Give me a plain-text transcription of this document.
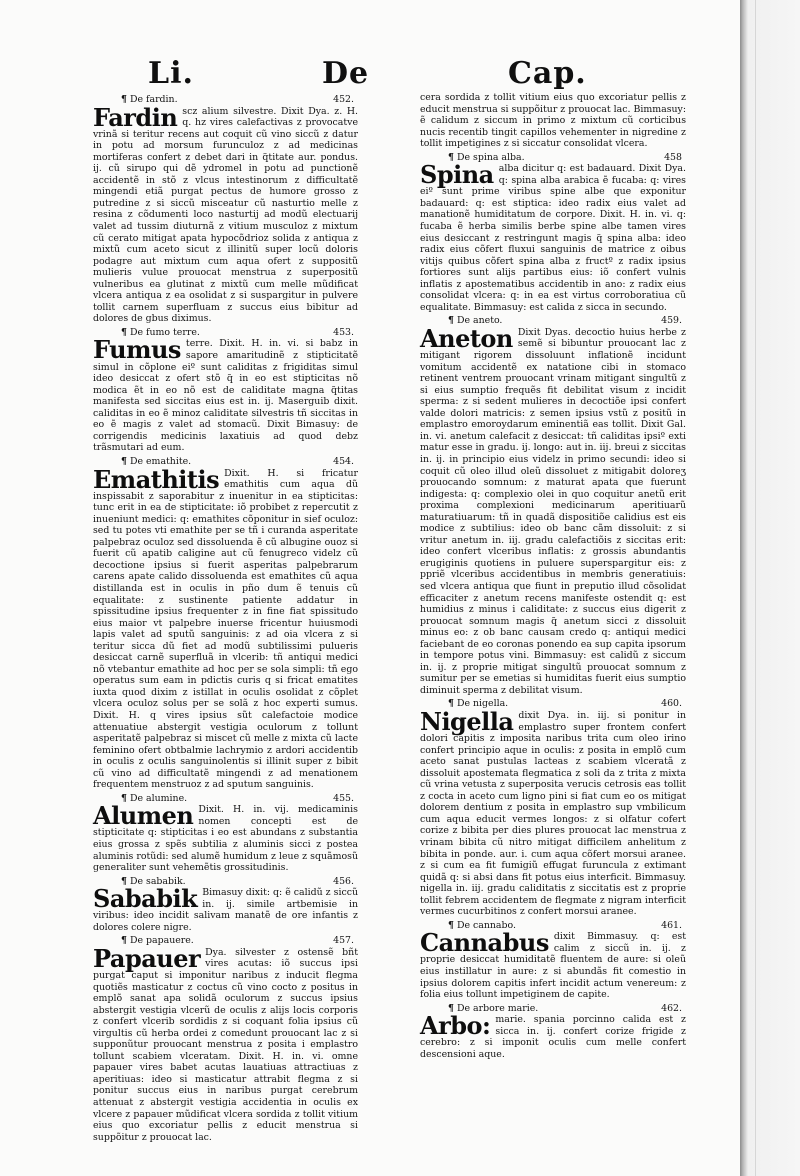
Li.	De	Cap.
¶ De fardin.	452.
Fardin scz alium silvestre. Dixit Dya. z. H. q. hz vires calefactivas z provocatve vrinã si teritur recens aut coquit cũ vino siccũ z datur in potu ad morsum furunculoz z ad medicinas mortiferas confert z debet dari in q̃titate aur. pondus. ij. cũ sirupo qui dẽ ydromel in potu ad punctionẽ accidentẽ in stõ z vlcus intestinorum z difficultatẽ mingendi etiã purgat pectus de humore grosso z putredine z si siccũ misceatur cũ nasturtio melle z resina z cõdumenti loco nasturtij ad modũ electuarij valet ad tussim diuturnã z vitium musculoz z mixtum cũ cerato mitigat apata hypocõdrioz solida z antiqua z mixtũ cum aceto sicut z illinitũ super locũ doloris podagre aut mixtum cum aqua ofert z suppositũ mulieris vulue prouocat menstrua z superpositũ vulneribus ea glutinat z mixtũ cum melle mũdificat vlcera antiqua z ea osolidat z si suspargitur in pulvere tollit carnem superfluam z succus eius bibitur ad dolores de gbus diximus.
¶ De fumo terre.	453.
Fumus terre. Dixit. H. in. vi. si babz in sapore amaritudinẽ z stipticitatẽ simul in cõplone eiº sunt caliditas z frigiditas simul ideo desiccat z ofert stõ q̃ in eo est stipticitas nõ modica ẽt in eo nõ est de caliditate magna q̃titas manifesta sed siccitas eius est in. ij. Maserguib dixit. caliditas in eo ẽ minoz caliditate silvestris tñ siccitas in eo ẽ magis z valet ad stomacũ. Dixit Bimasuy: de corrigendis medicinis laxatiuis ad quod debz trãsmutari ad eum.
¶ De emathite.	454.
Emathitis Dixit. H. si fricatur emathitis cum aqua dũ inspissabit z saporabitur z inuenitur in ea stipticitas: tunc erit in ea de stipticitate: iõ probibet z repercutit z inueniunt medici: q: emathites cõponitur in sief oculoz: sed tu potes vti emathite per se tñ i curanda asperitate palpebraz oculoz sed dissoluenda ẽ cũ albugine ouoz si fuerit cũ apatib caligine aut cũ fenugreco videlz cũ decoctione ipsius si fuerit asperitas palpebrarum carens apate calido dissoluenda est emathites cũ aqua distillanda est in oculis in pño dum ẽ tenuis cũ equalitate: z sustinente patiente addatur in spissitudine ipsius frequenter z in fine fiat spissitudo eius maior vt palpebre inuerse fricentur huiusmodi lapis valet ad sputũ sanguinis: z ad oia vlcera z si teritur sicca dũ fiet ad modũ subtilissimi pulueris desiccat carnẽ superfluã in vlcerib: tñ antiqui medici nõ vtebantur emathite ad hoc per se sola simpli: tñ ego operatus sum eam in pdictis curis q si fricat ematites iuxta quod dixim z istillat in oculis osolidat z cõplet vlcera oculoz solus per se solã z hoc experti sumus. Dixit. H. q vires ipsius sũt calefactoie modice attenuatiue abstergit vestigia oculorum z tollunt asperitatẽ palpebraz si miscet cũ melle z mixta cũ lacte feminino ofert obtbalmie lachrymio z ardori accidentib in oculis z oculis sanguinolentis si illinit super z bibit cũ vino ad difficultatẽ mingendi z ad menationem frequentem menstruoz z ad sputum sanguinis.
¶ De alumine.	455.
Alumen Dixit. H. in. vij. medicaminis nomen concepti est de stipticitate q: stipticitas i eo est abundans z substantia eius grossa z spẽs subtilia z aluminis sicci z postea aluminis rotũdi: sed alumẽ humidum z leue z squãmosũ generaliter sunt vehemẽtis grossitudinis.
¶ De sababik.	456.
Sababik Bimasuy dixit: q: ẽ calidũ z siccũ in. ij. simile artbemisie in viribus: ideo incidit salivam manatẽ de ore infantis z dolores colere nigre.
¶ De papauere.	457.
Papauer Dya. silvester z ostensẽ bñt vires acutas: iõ succus ipsi purgat caput si imponitur naribus z inducit flegma quotiẽs masticatur z coctus cũ vino cocto z positus in emplõ sanat apa solidã oculorum z succus ipsius abstergit vestigia vlcerũ de oculis z alijs locis corporis z confert vlcerib sordidis z si coquant folia ipsius cũ virgultis cũ herba ordei z comedunt prouocant lac z si supponũtur prouocant menstrua z posita i emplastro tollunt scabiem vlceratam. Dixit. H. in. vi. omne papauer vires babet acutas lauatiuas attractiuas z aperitiuas: ideo si masticatur attrabit flegma z si ponitur succus eius in naribus purgat cerebrum attenuat z abstergit vestigia accidentia in oculis ex vlcere z papauer mũdificat vlcera sordida z tollit vitium eius quo excoriatur pellis z educit menstrua si suppõitur z prouocat lac.

cera sordida z tollit vitium eius quo excoriatur pellis z educit menstrua si suppõitur z prouocat lac. Bimmasuy: ẽ calidum z siccum in primo z mixtum cũ corticibus nucis recentib tingit capillos vehementer in nigredine z tollit impetigines z si siccatur consolidat vlcera.

¶ De spina alba.	458
Spina alba dicitur q: est badauard. Dixit Dya. q: spina alba arabica ẽ fucaba: q: vires eiº sunt prime viribus spine albe que exponitur badauard: q: est stiptica: ideo radix eius valet ad manationẽ humiditatum de corpore. Dixit. H. in. vi. q: fucaba ẽ herba similis berbe spine albe tamen vires eius desiccant z restringunt magis q̃ spina alba: ideo radix eius cõfert fluxui sanguinis de matrice z oibus vitijs quibus cõfert spina alba z fructº z radix ipsius fortiores sunt alijs partibus eius: iõ confert vulnis inflatis z apostematibus accidentib in ano: z radix eius consolidat vlcera: q: in ea est virtus corroboratiua cũ equalitate. Bimmasuy: est calida z sicca in secundo.
¶ De aneto.	459.
Aneton Dixit Dyas. decoctio huius herbe z semẽ si bibuntur prouocant lac z mitigant rigorem dissoluunt inflationẽ incidunt vomitum accidentẽ ex natatione cibi in stomaco retinent ventrem prouocant vrinam mitigant singultũ z si eius sumptio frequẽs fit debilitat visum z incidit sperma: z si sedent mulieres in decoctiõe ipsi confert valde dolori matricis: z semen ipsius vstũ z positũ in emplastro emoroydarum eminentiã eas tollit. Dixit Gal. in. vi. anetum calefacit z desiccat: tñ caliditas ipsiº exti matur esse in gradu. ij. longo: aut in. iij. breui z siccitas in. ij. in principio eius videlz in primo secundi: ideo si coquit cũ oleo illud oleũ dissoluet z mitigabit doloreʒ prouocando somnum: z maturat apata que fuerunt indigesta: q: complexio olei in quo coquitur anetũ erit proxima complexioni medicinarum aperitiuarũ maturatiuarum: tñ in quadã dispositiõe calidius est eis modice z subtilius: ideo ob banc cãm dissoluit: z si vritur anetum in. iij. gradu calefactiõis z siccitas erit: ideo confert vlceribus inflatis: z grossis abundantis erugiginis quotiens in puluere superspargitur eis: z ppriẽ vlceribus accidentibus in membris generatiuis: sed vlcera antiqua que fiunt in preputio illud cõsolidat efficaciter z anetum recens manifeste ostendit q: est humidius z minus i caliditate: z succus eius digerit z prouocat somnum magis q̃ anetum sicci z dissoluit minus eo: z ob banc causam credo q: antiqui medici faciebant de eo coronas ponendo ea sup capita ipsorum in tempore potus vini. Bimmasuy: est calidũ z siccum in. ij. z proprie mitigat singultũ prouocat somnum z sumitur per se emetias si humiditas fuerit eius sumptio diminuit sperma z debilitat visum.
¶ De nigella.	460.
Nigella dixit Dya. in. iij. si ponitur in emplastro super frontem confert dolori capitis z imposita naribus trita cum oleo irino confert principio aque in oculis: z posita in emplõ cum aceto sanat pustulas lacteas z scabiem vlceratã z dissoluit apostemata flegmatica z soli da z trita z mixta cũ vrina vetusta z superposita verucis cetrosis eas tollit z cocta in aceto cum ligno pini si fiat cum eo os mitigat dolorem dentium z posita in emplastro sup vmbilicum cum aqua educit vermes longos: z si olfatur cofert corize z bibita per dies plures prouocat lac menstrua z vrinam bibita cũ nitro mitigat difficilem anhelitum z bibita in ponde. aur. i. cum aqua cõfert morsui aranee. z si cum ea fit fumigiũ effugat furuncula z extimant quidã q: si absi dans fit potus eius interficit. Bimmasuy. nigella in. iij. gradu caliditatis z siccitatis est z proprie tollit febrem accidentem de flegmate z nigram interficit vermes cucurbitinos z confert morsui aranee.
¶ De cannabo.	461.
Cannabus dixit Bimmasuy. q: est calim z siccũ in. ij. z proprie desiccat humiditatẽ fluentem de aure: si oleũ eius instillatur in aure: z si abundãs fit comestio in ipsius dolorem capitis infert incidit actum venereum: z folia eius tollunt impetiginem de capite.
¶ De arbore marie.	462.
Arbo: marie. spania porcinno calida est z sicca in. ij. confert corize frigide z cerebro: z si imponit oculis cum melle confert descensioni aque.
